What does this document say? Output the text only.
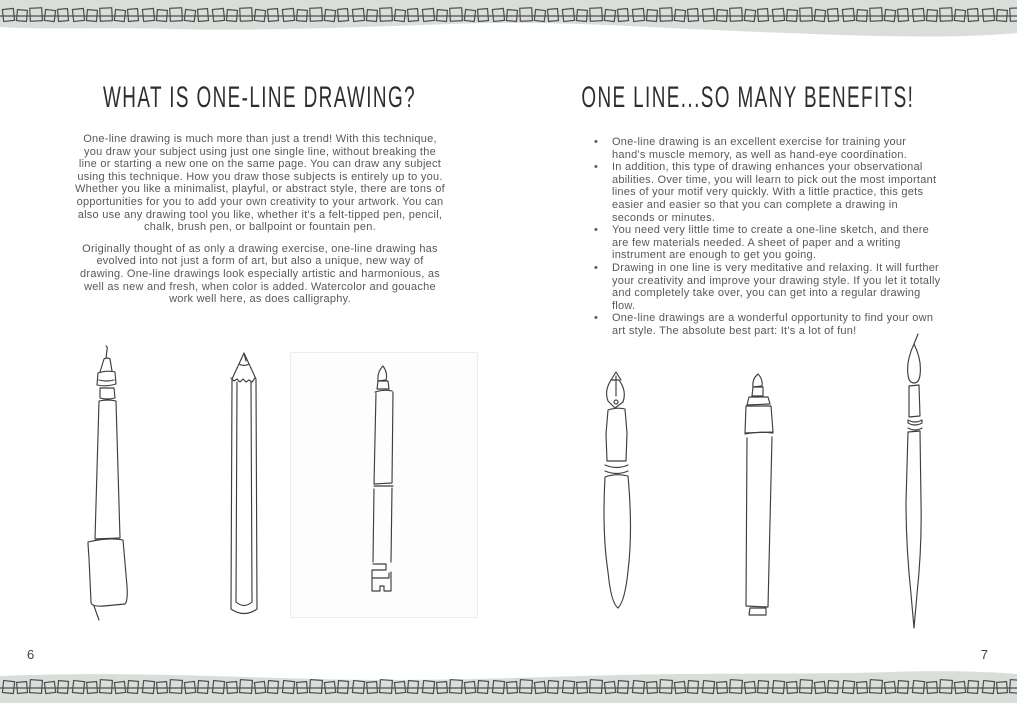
WHAT IS ONE-LINE DRAWING?

One-line drawing is much more than just a trend! With this technique, you draw your subject using just one single line, without breaking the line or starting a new one on the same page. You can draw any subject using this technique. How you draw those subjects is entirely up to you. Whether you like a minimalist, playful, or abstract style, there are tons of opportunities for you to add your own creativity to your artwork. You can also use any drawing tool you like, whether it's a felt-tipped pen, pencil, chalk, brush pen, or ballpoint or fountain pen.

Originally thought of as only a drawing exercise, one-line drawing has evolved into not just a form of art, but also a unique, new way of drawing. One-line drawings look especially artistic and harmonious, as well as new and fresh, when color is added. Watercolor and gouache work well here, as does calligraphy.

ONE LINE...SO MANY BENEFITS!
•	One-line drawing is an excellent exercise for training your hand's muscle memory, as well as hand-eye coordination.
•	In addition, this type of drawing enhances your observational abilities. Over time, you will learn to pick out the most important lines of your motif very quickly. With a little practice, this gets easier and easier so that you can complete a drawing in seconds or minutes.
•	You need very little time to create a one-line sketch, and there are few materials needed. A sheet of paper and a writing instrument are enough to get you going.
•	Drawing in one line is very meditative and relaxing. It will further your creativity and improve your drawing style. If you let it totally and completely take over, you can get into a regular drawing flow.
•	One-line drawings are a wonderful opportunity to find your own art style. The absolute best part: It's a lot of fun!
6	7
